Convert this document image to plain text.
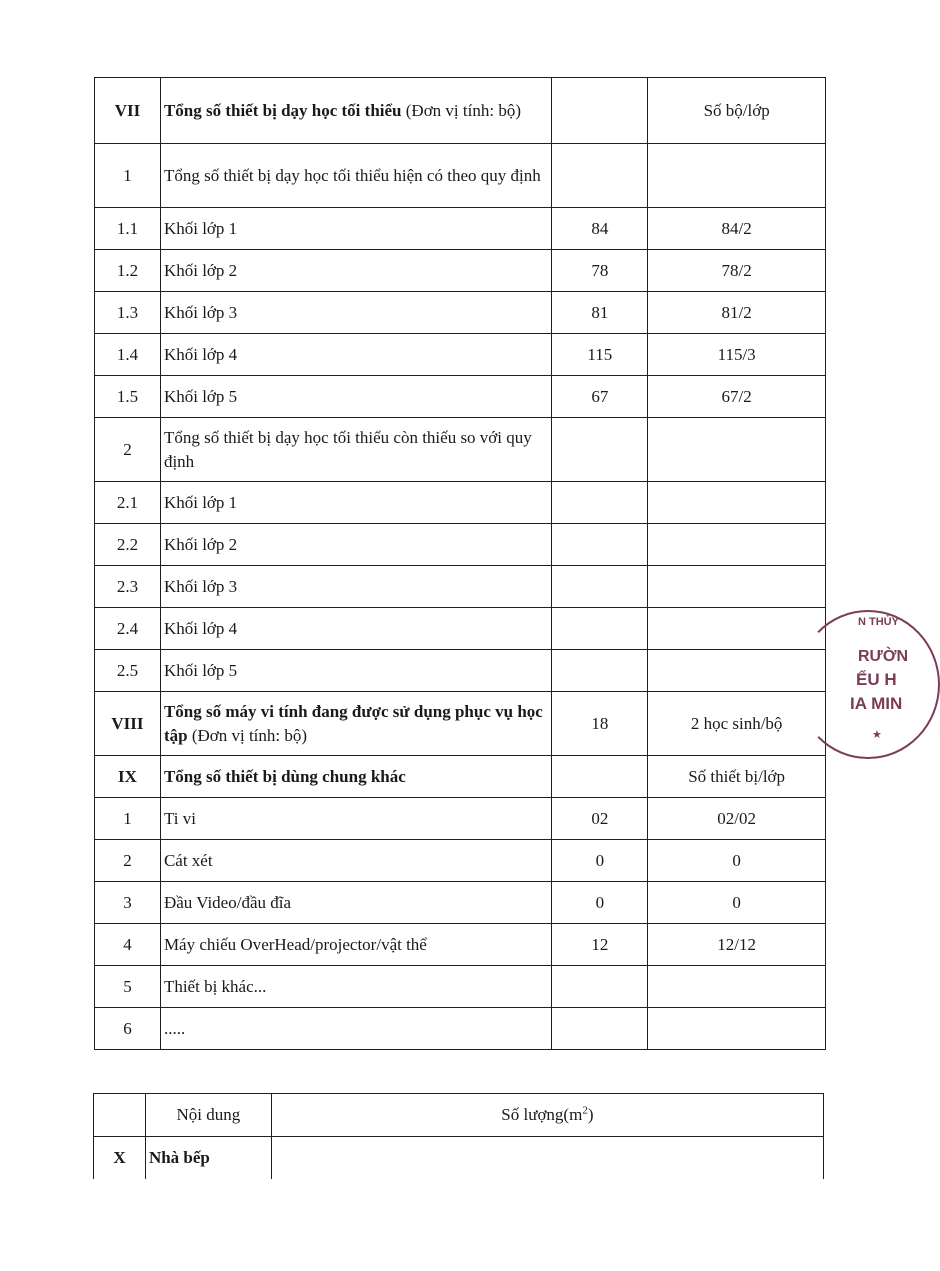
VII	Tổng số thiết bị dạy học tối thiểu (Đơn vị tính: bộ)		Số bộ/lớp
1	Tổng số thiết bị dạy học tối thiểu hiện có theo quy định		
1.1	Khối lớp 1	84	84/2
1.2	Khối lớp 2	78	78/2
1.3	Khối lớp 3	81	81/2
1.4	Khối lớp 4	115	115/3
1.5	Khối lớp 5	67	67/2
2	Tổng số thiết bị dạy học tối thiểu còn thiếu so với quy định		
2.1	Khối lớp 1		
2.2	Khối lớp 2		
2.3	Khối lớp 3		
2.4	Khối lớp 4		
2.5	Khối lớp 5		
VIII	Tổng số máy vi tính đang được sử dụng phục vụ học tập (Đơn vị tính: bộ)	18	2 học sinh/bộ
IX	Tổng số thiết bị dùng chung khác		Số thiết bị/lớp
1	Ti vi	02	02/02
2	Cát xét	0	0
3	Đầu Video/đầu đĩa	0	0
4	Máy chiếu OverHead/projector/vật thể	12	12/12
5	Thiết bị khác...		
6	.....		
	Nội dung	Số $lượng(m^2)$
X	Nhà bếp	
N THỦY
RƯỜN
ỂU H
IA MIN
★
